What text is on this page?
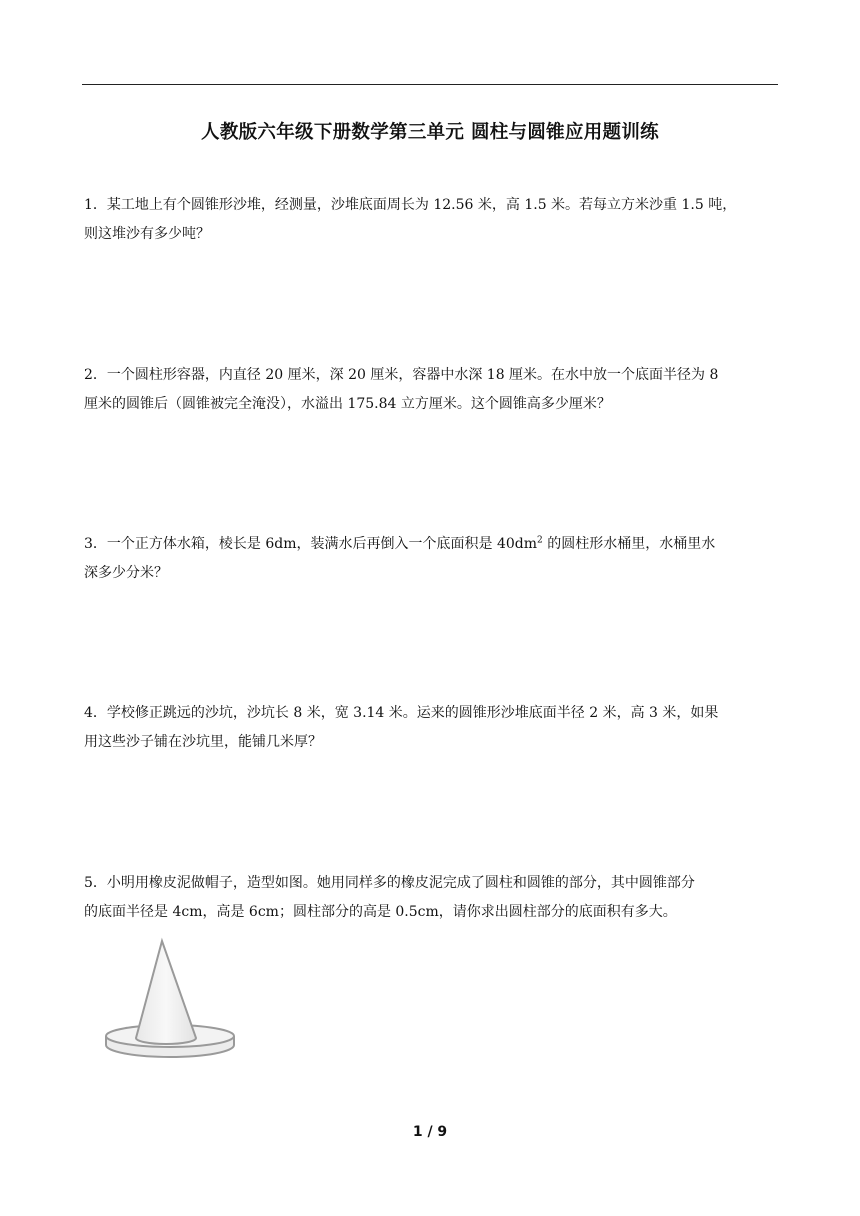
人教版六年级下册数学第三单元 圆柱与圆锥应用题训练

1．某工地上有个圆锥形沙堆，经测量，沙堆底面周长为 12.56 米，高 1.5 米。若每立方米沙重 1.5 吨，

则这堆沙有多少吨？

2．一个圆柱形容器，内直径 20 厘米，深 20 厘米，容器中水深 18 厘米。在水中放一个底面半径为 8

厘米的圆锥后（圆锥被完全淹没），水溢出 175.84 立方厘米。这个圆锥高多少厘米？

3．一个正方体水箱，棱长是 6dm，装满水后再倒入一个底面积是 $40dm^2$ 的圆柱形水桶里，水桶里水

深多少分米？

4．学校修正跳远的沙坑，沙坑长 8 米，宽 3.14 米。运来的圆锥形沙堆底面半径 2 米，高 3 米，如果

用这些沙子铺在沙坑里，能铺几米厚？

5．小明用橡皮泥做帽子，造型如图。她用同样多的橡皮泥完成了圆柱和圆锥的部分，其中圆锥部分

的底面半径是 4cm，高是 6cm；圆柱部分的高是 0.5cm，请你求出圆柱部分的底面积有多大。

1 / 9
